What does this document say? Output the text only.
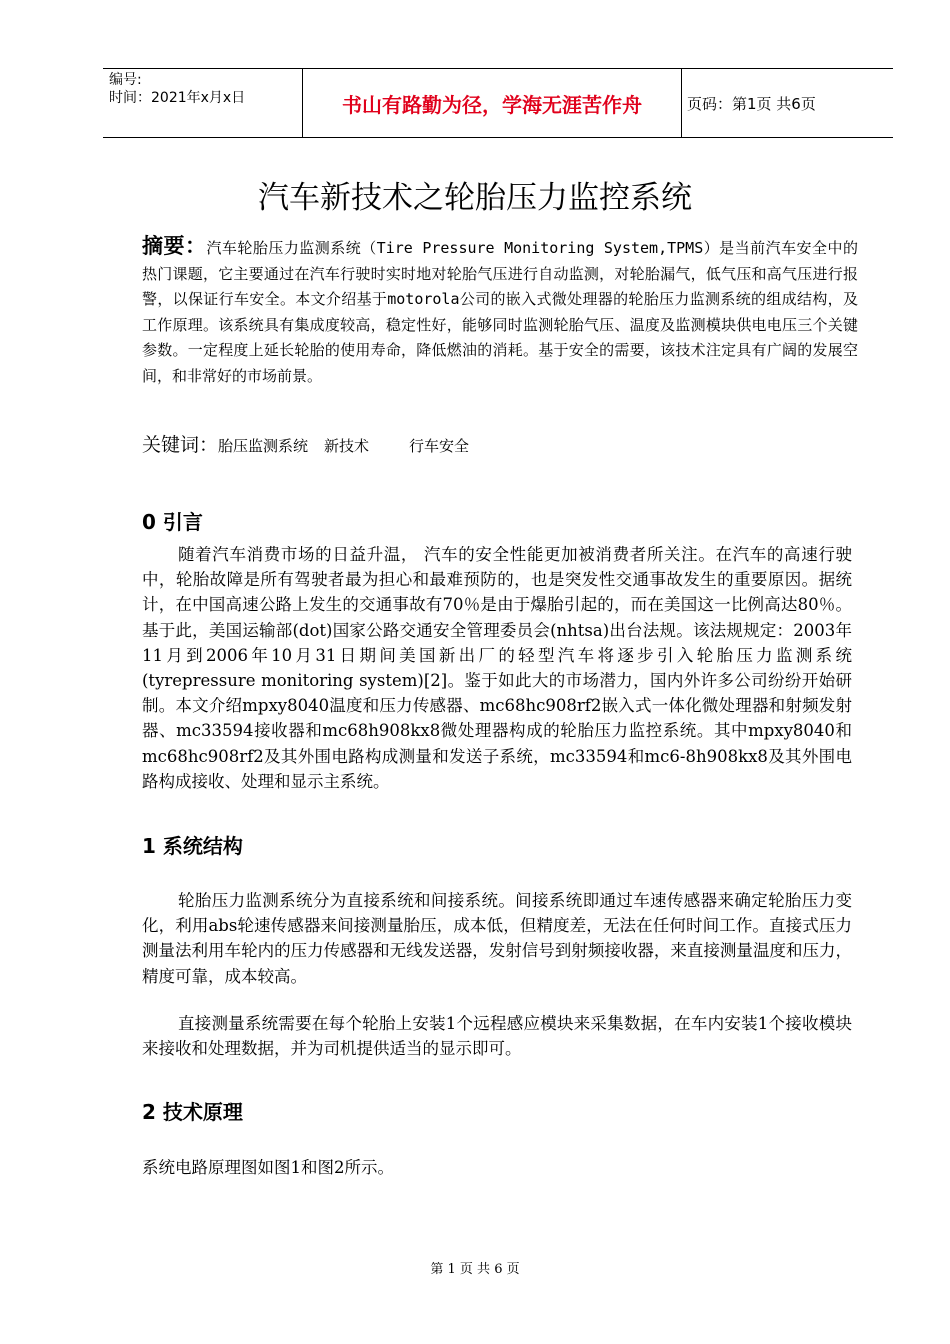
编号:
时间：2021年x月x日	书山有路勤为径，学海无涯苦作舟	页码：第1页 共6页
汽车新技术之轮胎压力监控系统
摘要：汽车轮胎压力监测系统（Tire Pressure Monitoring System,TPMS）是当前汽车安全中的热门课题，它主要通过在汽车行驶时实时地对轮胎气压进行自动监测，对轮胎漏气，低气压和高气压进行报警，以保证行车安全。本文介绍基于motorola公司的嵌入式微处理器的轮胎压力监测系统的组成结构，及工作原理。该系统具有集成度较高，稳定性好，能够同时监测轮胎气压、温度及监测模块供电电压三个关键参数。一定程度上延长轮胎的使用寿命，降低燃油的消耗。基于安全的需要，该技术注定具有广阔的发展空间，和非常好的市场前景。
关键词：胎压监测系统 新技术	行车安全
0 引言
随着汽车消费市场的日益升温， 汽车的安全性能更加被消费者所关注。在汽车的高速行驶中，轮胎故障是所有驾驶者最为担心和最难预防的，也是突发性交通事故发生的重要原因。据统计，在中国高速公路上发生的交通事故有70％是由于爆胎引起的，而在美国这一比例高达80％。基于此，美国运输部(dot)国家公路交通安全管理委员会(nhtsa)出台法规。该法规规定：2003年11月到2006年10月31日期间美国新出厂的轻型汽车将逐步引入轮胎压力监测系统(tyrepressure monitoring system)[2]。鉴于如此大的市场潜力，国内外许多公司纷纷开始研制。本文介绍mpxy8040温度和压力传感器、mc68hc908rf2嵌入式一体化微处理器和射频发射器、mc33594接收器和mc68h908kx8微处理器构成的轮胎压力监控系统。其中mpxy8040和mc68hc908rf2及其外围电路构成测量和发送子系统，mc33594和mc6-8h908kx8及其外围电路构成接收、处理和显示主系统。
1 系统结构
轮胎压力监测系统分为直接系统和间接系统。间接系统即通过车速传感器来确定轮胎压力变化，利用abs轮速传感器来间接测量胎压，成本低，但精度差，无法在任何时间工作。直接式压力测量法利用车轮内的压力传感器和无线发送器，发射信号到射频接收器，来直接测量温度和压力，精度可靠，成本较高。
直接测量系统需要在每个轮胎上安装1个远程感应模块来采集数据，在车内安装1个接收模块来接收和处理数据，并为司机提供适当的显示即可。
2 技术原理
系统电路原理图如图1和图2所示。
第 1 页 共 6 页
